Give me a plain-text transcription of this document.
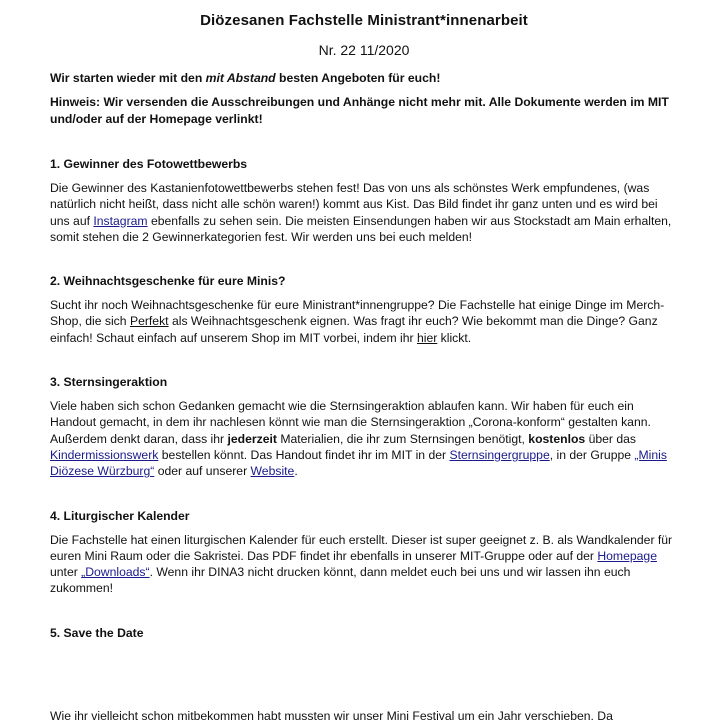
Diözesanen Fachstelle Ministrant*innenarbeit
Nr. 22 11/2020

Wir starten wieder mit den mit Abstand besten Angeboten für euch!

Hinweis: Wir versenden die Ausschreibungen und Anhänge nicht mehr mit. Alle Dokumente werden im MIT und/oder auf der Homepage verlinkt!

1. Gewinner des Fotowettbewerbs

Die Gewinner des Kastanienfotowettbewerbs stehen fest! Das von uns als schönstes Werk empfundenes, (was natürlich nicht heißt, dass nicht alle schön waren!) kommt aus Kist. Das Bild findet ihr ganz unten und es wird bei uns auf Instagram ebenfalls zu sehen sein. Die meisten Einsendungen haben wir aus Stockstadt am Main erhalten, somit stehen die 2 Gewinnerkategorien fest. Wir werden uns bei euch melden!

2. Weihnachtsgeschenke für eure Minis?

Sucht ihr noch Weihnachtsgeschenke für eure Ministrant*innengruppe? Die Fachstelle hat einige Dinge im Merch-Shop, die sich Perfekt als Weihnachtsgeschenk eignen. Was fragt ihr euch? Wie bekommt man die Dinge? Ganz einfach! Schaut einfach auf unserem Shop im MIT vorbei, indem ihr hier klickt.

3. Sternsingeraktion

Viele haben sich schon Gedanken gemacht wie die Sternsingeraktion ablaufen kann. Wir haben für euch ein Handout gemacht, in dem ihr nachlesen könnt wie man die Sternsingeraktion „Corona-konform“ gestalten kann. Außerdem denkt daran, dass ihr jederzeit Materialien, die ihr zum Sternsingen benötigt, kostenlos über das Kindermissionswerk bestellen könnt. Das Handout findet ihr im MIT in der Sternsingergruppe, in der Gruppe „Minis Diözese Würzburg“ oder auf unserer Website.

4. Liturgischer Kalender

Die Fachstelle hat einen liturgischen Kalender für euch erstellt. Dieser ist super geeignet z. B. als Wandkalender für euren Mini Raum oder die Sakristei. Das PDF findet ihr ebenfalls in unserer MIT-Gruppe oder auf der Homepage unter „Downloads“. Wenn ihr DINA3 nicht drucken könnt, dann meldet euch bei uns und wir lassen ihn euch zukommen!

5. Save the Date
Wie ihr vielleicht schon mitbekommen habt mussten wir unser Mini Festival um ein Jahr verschieben. Da
